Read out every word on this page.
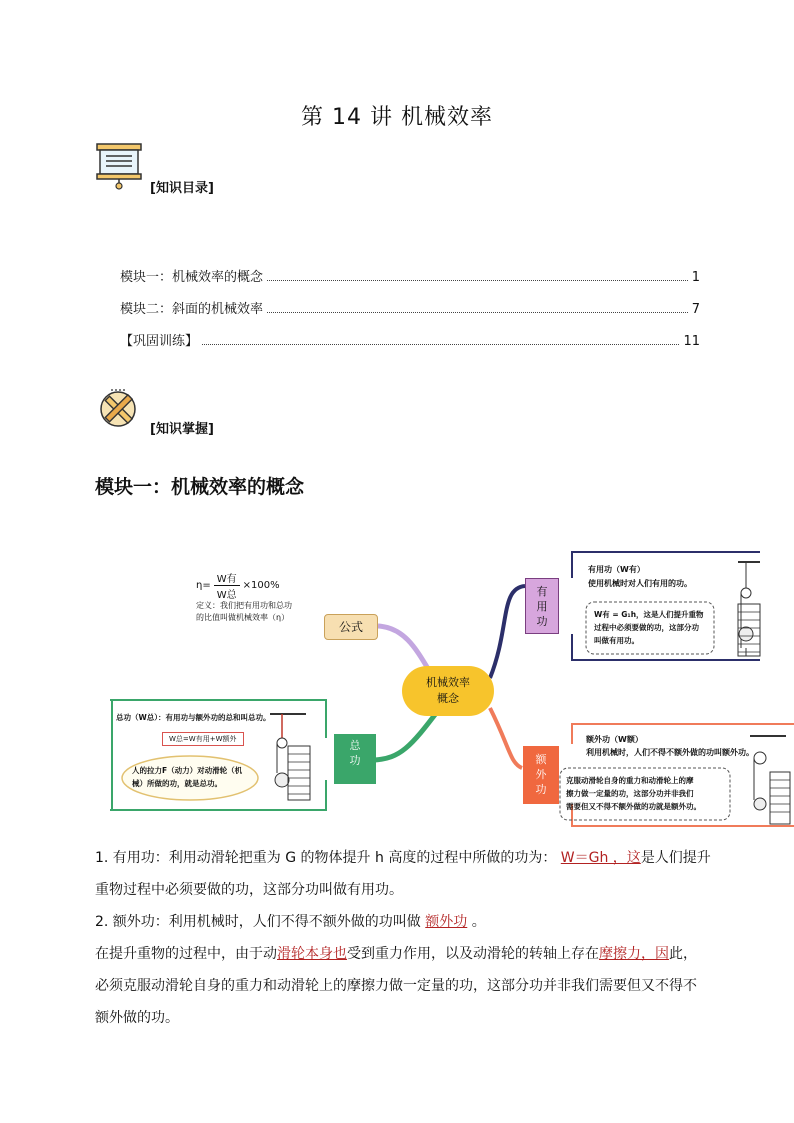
第 14 讲 机械效率
[知识目录]
模块一：机械效率的概念	1
模块二：斜面的机械效率	7
【巩固训练】	11
[知识掌握]
模块一：机械效率的概念
机械效率
概念
公式
η=
W有
W总
×100%
定义：我们把有用功和总功
的比值叫做机械效率（η）
有
用
功
有用功（W有）
使用机械时对人们有用的功。
W有 = G₁h，这是人们提升重物
过程中必须要做的功，这部分功
叫做有用功。
总
功
总功（W总）：有用功与额外功的总和叫总功。
W总=W有用+W额外
人的拉力F（动力）对动滑轮（机
械）所做的功，就是总功。
额
外
功
额外功（W额）
利用机械时，人们不得不额外做的功叫额外功。
克服动滑轮自身的重力和动滑轮上的摩
擦力做一定量的功，这部分功并非我们
需要但又不得不额外做的功就是额外功。
1. 有用功：利用动滑轮把重为 G 的物体提升 h 高度的过程中所做的功为： W＝Gh ，这是人们提升
重物过程中必须要做的功，这部分功叫做有用功。
2. 额外功：利用机械时，人们不得不额外做的功叫做 额外功 。
在提升重物的过程中，由于动滑轮本身也受到重力作用，以及动滑轮的转轴上存在摩擦力，因此，
必须克服动滑轮自身的重力和动滑轮上的摩擦力做一定量的功，这部分功并非我们需要但又不得不
额外做的功。
